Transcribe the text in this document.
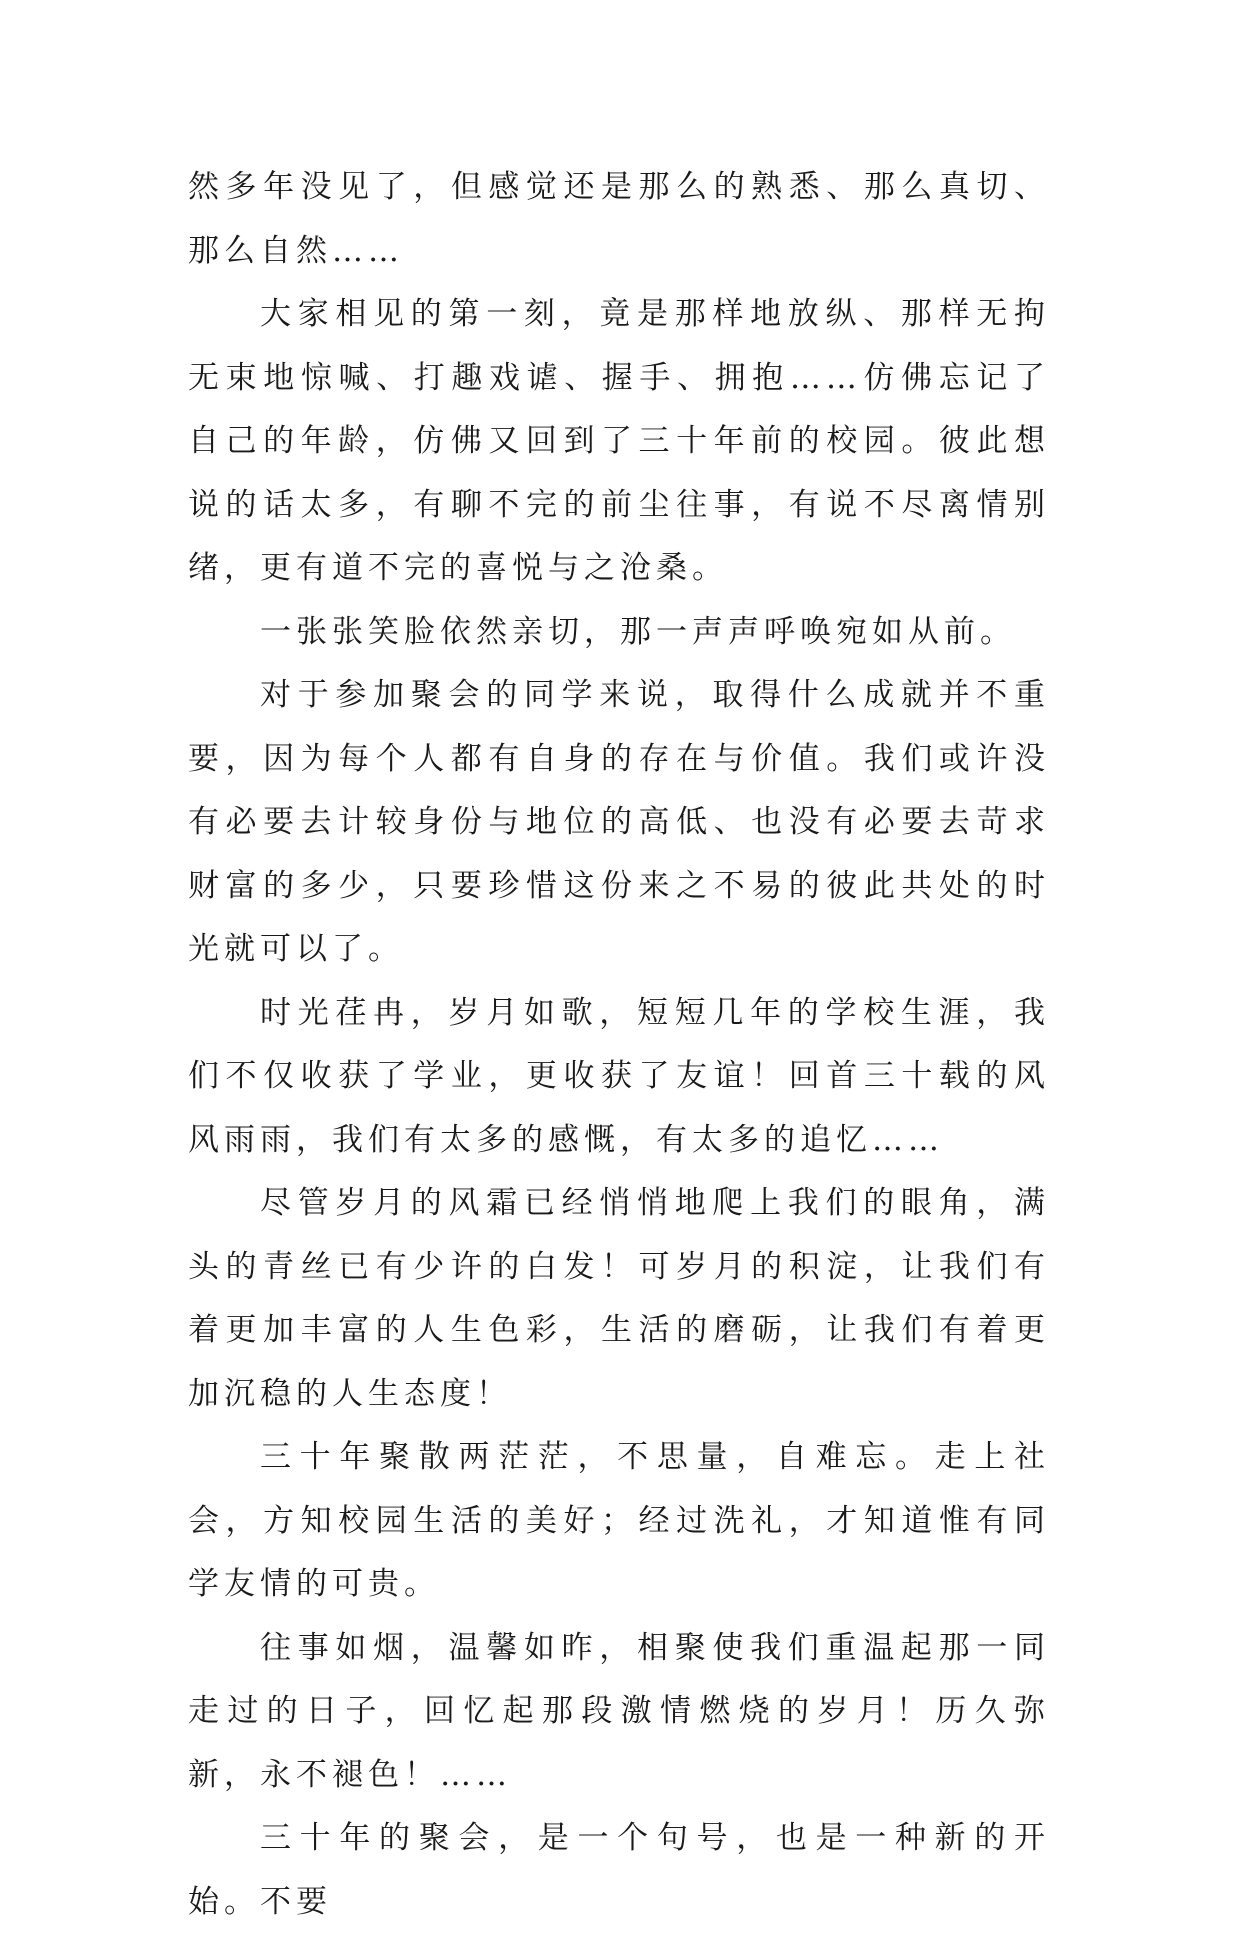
然多年没见了，但感觉还是那么的熟悉、那么真切、那么自然……

大家相见的第一刻，竟是那样地放纵、那样无拘无束地惊喊、打趣戏谑、握手、拥抱……仿佛忘记了自己的年龄，仿佛又回到了三十年前的校园。彼此想说的话太多，有聊不完的前尘往事，有说不尽离情别绪，更有道不完的喜悦与之沧桑。

一张张笑脸依然亲切，那一声声呼唤宛如从前。

对于参加聚会的同学来说，取得什么成就并不重要，因为每个人都有自身的存在与价值。我们或许没有必要去计较身份与地位的高低、也没有必要去苛求财富的多少，只要珍惜这份来之不易的彼此共处的时光就可以了。

时光荏冉，岁月如歌，短短几年的学校生涯，我们不仅收获了学业，更收获了友谊！回首三十载的风风雨雨，我们有太多的感慨，有太多的追忆……

尽管岁月的风霜已经悄悄地爬上我们的眼角，满头的青丝已有少许的白发！可岁月的积淀，让我们有着更加丰富的人生色彩，生活的磨砺，让我们有着更加沉稳的人生态度！

三十年聚散两茫茫，不思量，自难忘。走上社会，方知校园生活的美好；经过洗礼，才知道惟有同学友情的可贵。

往事如烟，温馨如昨，相聚使我们重温起那一同走过的日子，回忆起那段激情燃烧的岁月！历久弥新，永不褪色！……

三十年的聚会，是一个句号，也是一种新的开始。不要
